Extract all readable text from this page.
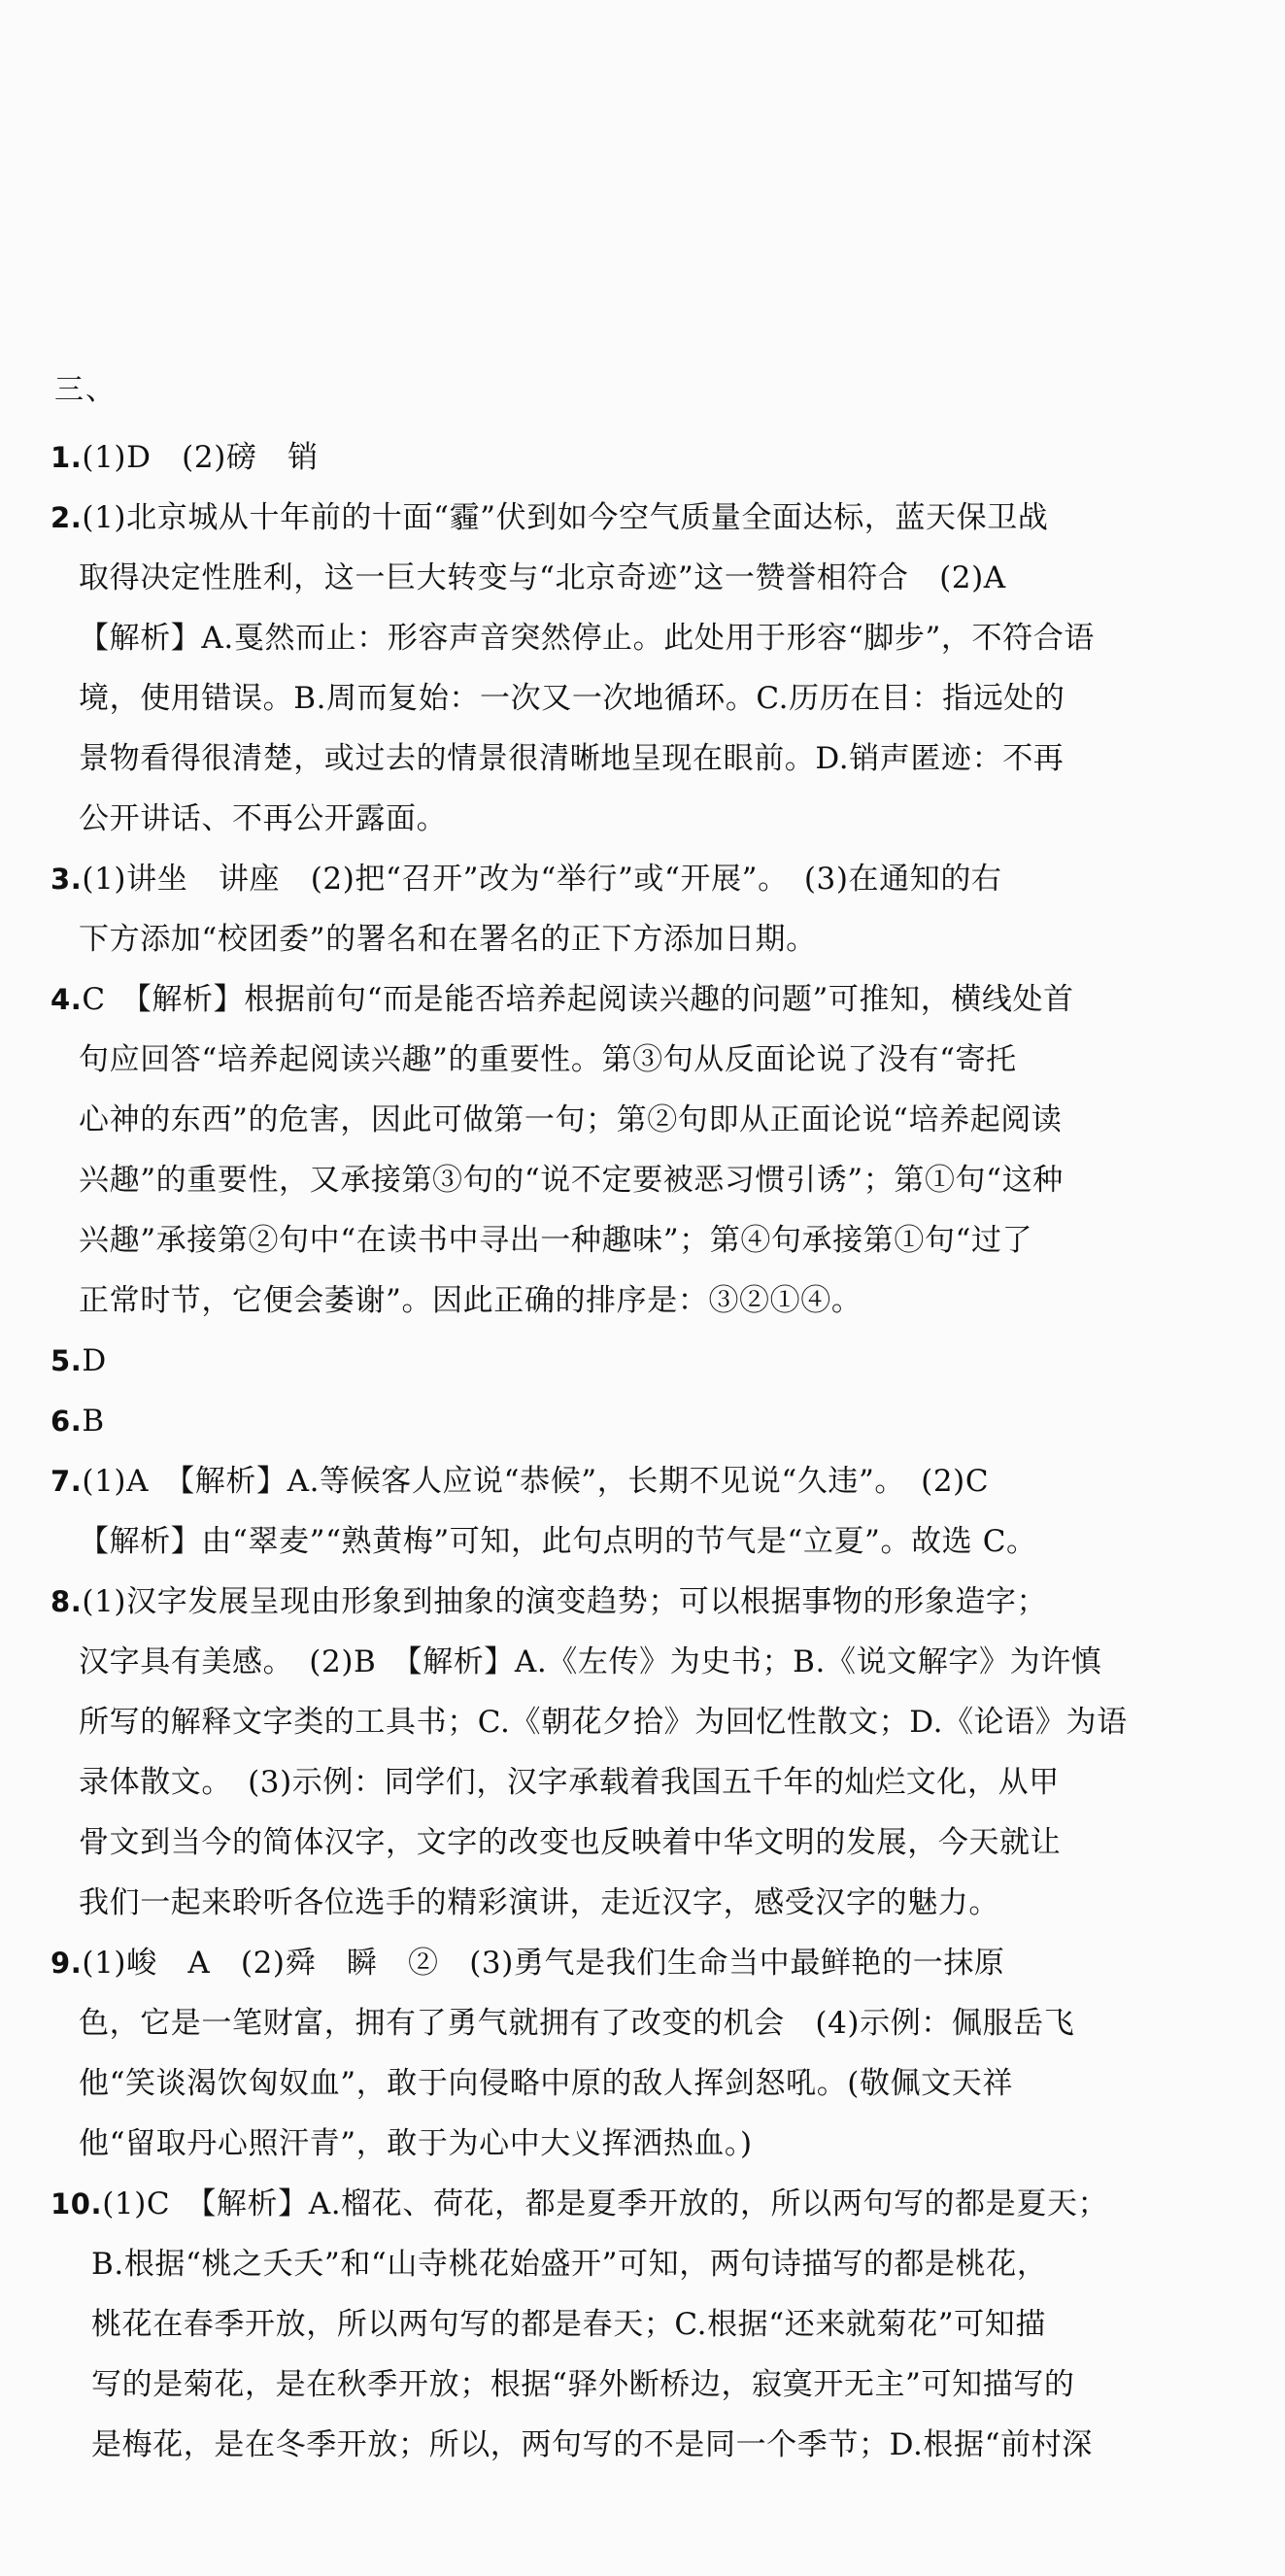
三、
1.(1)D　(2)磅　销
2.(1)北京城从十年前的十面“霾”伏到如今空气质量全面达标，蓝天保卫战
取得决定性胜利，这一巨大转变与“北京奇迹”这一赞誉相符合　(2)A
【解析】A.戛然而止：形容声音突然停止。此处用于形容“脚步”，不符合语
境，使用错误。B.周而复始：一次又一次地循环。C.历历在目：指远处的
景物看得很清楚，或过去的情景很清晰地呈现在眼前。D.销声匿迹：不再
公开讲话、不再公开露面。
3.(1)讲坐　讲座　(2)把“召开”改为“举行”或“开展”。　(3)在通知的右
下方添加“校团委”的署名和在署名的正下方添加日期。
4.C　【解析】根据前句“而是能否培养起阅读兴趣的问题”可推知，横线处首
句应回答“培养起阅读兴趣”的重要性。第③句从反面论说了没有“寄托
心神的东西”的危害，因此可做第一句；第②句即从正面论说“培养起阅读
兴趣”的重要性，又承接第③句的“说不定要被恶习惯引诱”；第①句“这种
兴趣”承接第②句中“在读书中寻出一种趣味”；第④句承接第①句“过了
正常时节，它便会萎谢”。因此正确的排序是：③②①④。
5.D
6.B
7.(1)A　【解析】A.等候客人应说“恭候”，长期不见说“久违”。　(2)C
【解析】由“翠麦”“熟黄梅”可知，此句点明的节气是“立夏”。故选 C。
8.(1)汉字发展呈现由形象到抽象的演变趋势；可以根据事物的形象造字；
汉字具有美感。　(2)B　【解析】A.《左传》为史书；B.《说文解字》为许慎
所写的解释文字类的工具书；C.《朝花夕拾》为回忆性散文；D.《论语》为语
录体散文。　(3)示例：同学们，汉字承载着我国五千年的灿烂文化，从甲
骨文到当今的简体汉字，文字的改变也反映着中华文明的发展，今天就让
我们一起来聆听各位选手的精彩演讲，走近汉字，感受汉字的魅力。
9.(1)峻　A　(2)舜　瞬　②　(3)勇气是我们生命当中最鲜艳的一抹原
色，它是一笔财富，拥有了勇气就拥有了改变的机会　(4)示例：佩服岳飞
他“笑谈渴饮匈奴血”，敢于向侵略中原的敌人挥剑怒吼。(敬佩文天祥
他“留取丹心照汗青”，敢于为心中大义挥洒热血。)
10.(1)C　【解析】A.榴花、荷花，都是夏季开放的，所以两句写的都是夏天；
B.根据“桃之夭夭”和“山寺桃花始盛开”可知，两句诗描写的都是桃花，
桃花在春季开放，所以两句写的都是春天；C.根据“还来就菊花”可知描
写的是菊花，是在秋季开放；根据“驿外断桥边，寂寞开无主”可知描写的
是梅花，是在冬季开放；所以，两句写的不是同一个季节；D.根据“前村深
